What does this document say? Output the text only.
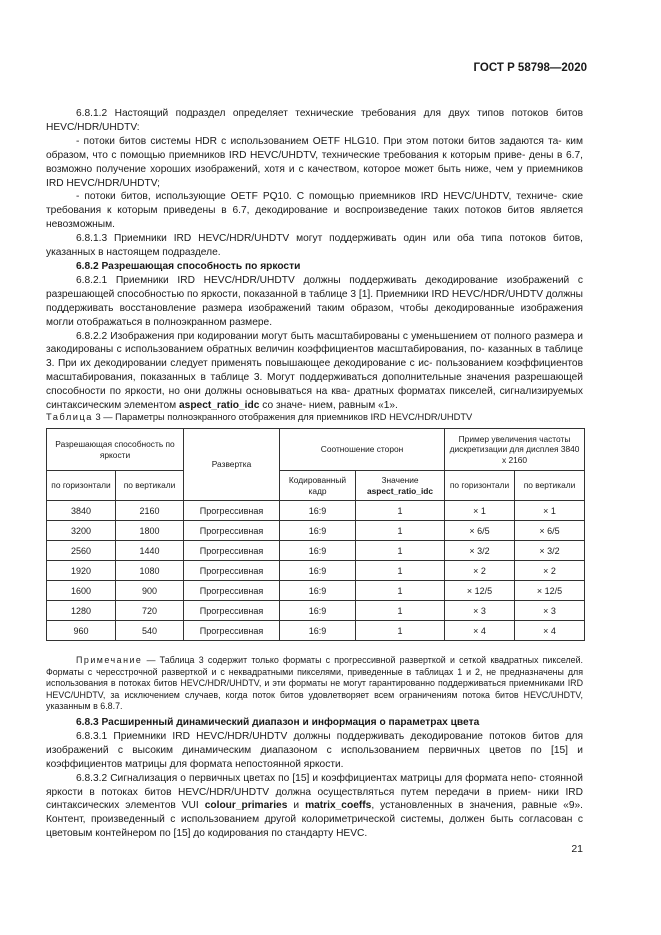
ГОСТ Р 58798—2020

6.8.1.2 Настоящий подраздел определяет технические требования для двух типов потоков битов HEVC/HDR/UHDTV:

- потоки битов системы HDR с использованием OETF HLG10. При этом потоки битов задаются та- ким образом, что с помощью приемников IRD HEVC/UHDTV, технические требования к которым приве- дены в 6.7, возможно получение хороших изображений, хотя и с качеством, которое может быть ниже, чем у приемников IRD HEVC/HDR/UHDTV;

- потоки битов, использующие OETF PQ10. С помощью приемников IRD HEVC/UHDTV, техниче- ские требования к которым приведены в 6.7, декодирование и воспроизведение таких потоков битов является невозможным.

6.8.1.3 Приемники IRD HEVC/HDR/UHDTV могут поддерживать один или оба типа потоков битов, указанных в настоящем подразделе.

6.8.2 Разрешающая способность по яркости

6.8.2.1 Приемники IRD HEVC/HDR/UHDTV должны поддерживать декодирование изображений с разрешающей способностью по яркости, показанной в таблице 3 [1]. Приемники IRD HEVC/HDR/UHDTV должны поддерживать восстановление размера изображений таким образом, чтобы декодированные изображения могли отображаться в полноэкранном размере.

6.8.2.2 Изображения при кодировании могут быть масштабированы с уменьшением от полного размера и закодированы с использованием обратных величин коэффициентов масштабирования, по- казанных в таблице 3. При их декодировании следует применять повышающее декодирование с ис- пользованием коэффициентов масштабирования, показанных в таблице 3. Могут поддерживаться дополнительные значения разрешающей способности по яркости, но они должны основываться на ква- дратных форматах пикселей, сигнализируемых синтаксическим элементом aspect_ratio_idc со значе- нием, равным «1».

Таблица 3 — Параметры полноэкранного отображения для приемников IRD HEVC/HDR/UHDTV
Разрешающая способность по яркости		Развертка	Соотношение сторон		Пример увеличения частоты дискретизации для дисплея 3840 x 2160	
по горизонтали	по вертикали		Кодированный кадр	Значение
aspect_ratio_idc	по горизонтали	по вертикали
3840	2160	Прогрессивная	16:9	1	× 1	× 1
3200	1800	Прогрессивная	16:9	1	× 6/5	× 6/5
2560	1440	Прогрессивная	16:9	1	× 3/2	× 3/2
1920	1080	Прогрессивная	16:9	1	× 2	× 2
1600	900	Прогрессивная	16:9	1	× 12/5	× 12/5
1280	720	Прогрессивная	16:9	1	× 3	× 3
960	540	Прогрессивная	16:9	1	× 4	× 4

Примечание — Таблица 3 содержит только форматы с прогрессивной разверткой и сеткой квадратных пикселей. Форматы с чересстрочной разверткой и с неквадратными пикселями, приведенные в таблицах 1 и 2, не предназначены для использования в потоках битов HEVC/HDR/UHDTV, и эти форматы не могут гарантированно поддерживаться приемниками IRD HEVC/UHDTV, за исключением случаев, когда поток битов удовлетворяет всем ограничениям потока битов HEVC/UHDTV, указанным в 6.8.7.

6.8.3 Расширенный динамический диапазон и информация о параметрах цвета

6.8.3.1 Приемники IRD HEVC/HDR/UHDTV должны поддерживать декодирование потоков битов для изображений с высоким динамическим диапазоном с использованием первичных цветов по [15] и коэффициентов матрицы для формата непостоянной яркости.

6.8.3.2 Сигнализация о первичных цветах по [15] и коэффициентах матрицы для формата непо- стоянной яркости в потоках битов HEVC/HDR/UHDTV должна осуществляться путем передачи в прием- ники IRD синтаксических элементов VUI colour_primaries и matrix_coeffs, установленных в значения, равные «9». Контент, произведенный с использованием другой колориметрической системы, должен быть согласован с цветовым контейнером по [15] до кодирования по стандарту HEVC.

21
